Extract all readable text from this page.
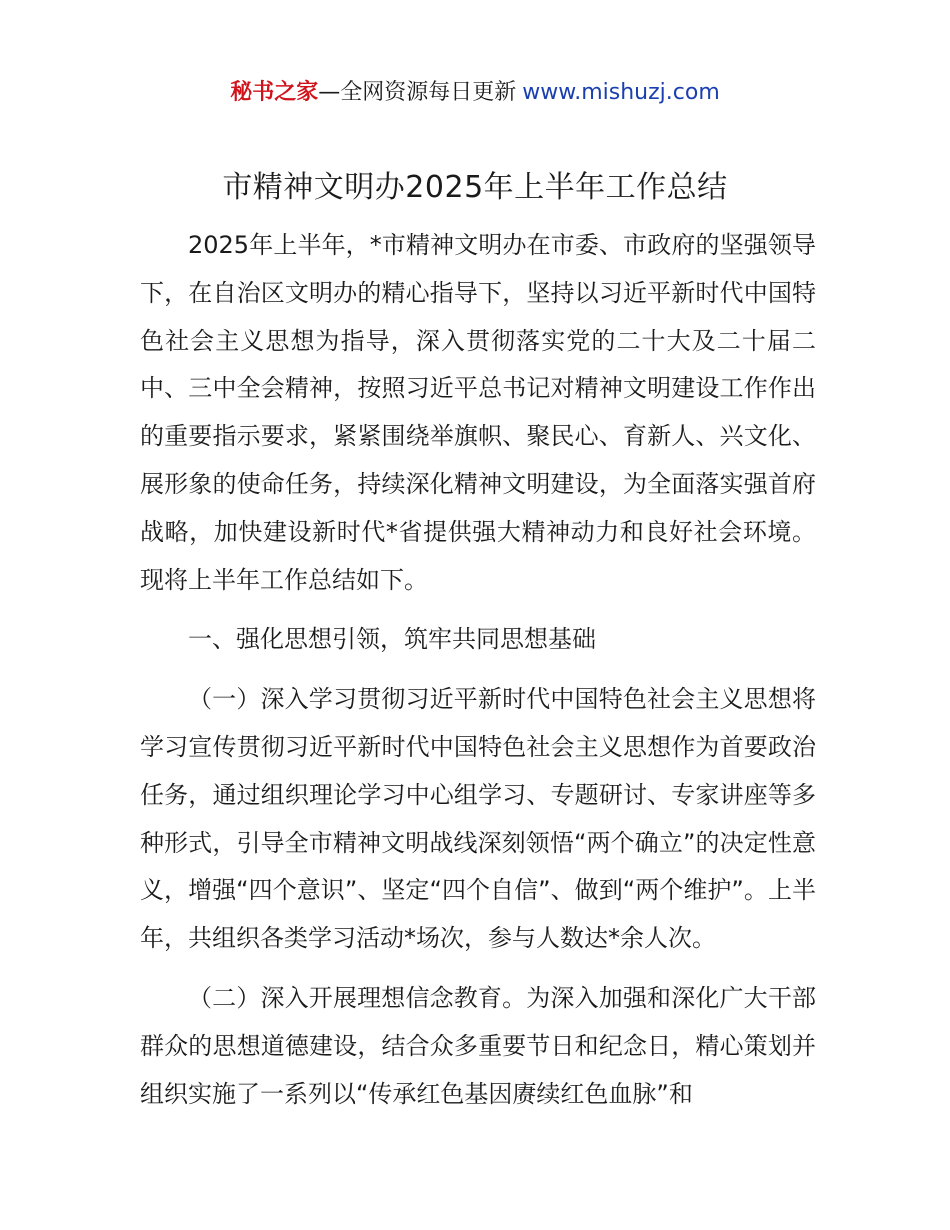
秘书之家—全网资源每日更新 www.mishuzj.com
市精神文明办2025年上半年工作总结

2025年上半年，*市精神文明办在市委、市政府的坚强领导下，在自治区文明办的精心指导下，坚持以习近平新时代中国特色社会主义思想为指导，深入贯彻落实党的二十大及二十届二中、三中全会精神，按照习近平总书记对精神文明建设工作作出的重要指示要求，紧紧围绕举旗帜、聚民心、育新人、兴文化、展形象的使命任务，持续深化精神文明建设，为全面落实强首府战略，加快建设新时代*省提供强大精神动力和良好社会环境。现将上半年工作总结如下。

一、强化思想引领，筑牢共同思想基础

（一）深入学习贯彻习近平新时代中国特色社会主义思想将学习宣传贯彻习近平新时代中国特色社会主义思想作为首要政治任务，通过组织理论学习中心组学习、专题研讨、专家讲座等多种形式，引导全市精神文明战线深刻领悟“两个确立”的决定性意义，增强“四个意识”、坚定“四个自信”、做到“两个维护”。上半年，共组织各类学习活动*场次，参与人数达*余人次。

（二）深入开展理想信念教育。为深入加强和深化广大干部群众的思想道德建设，结合众多重要节日和纪念日，精心策划并组织实施了一系列以“传承红色基因赓续红色血脉”和
